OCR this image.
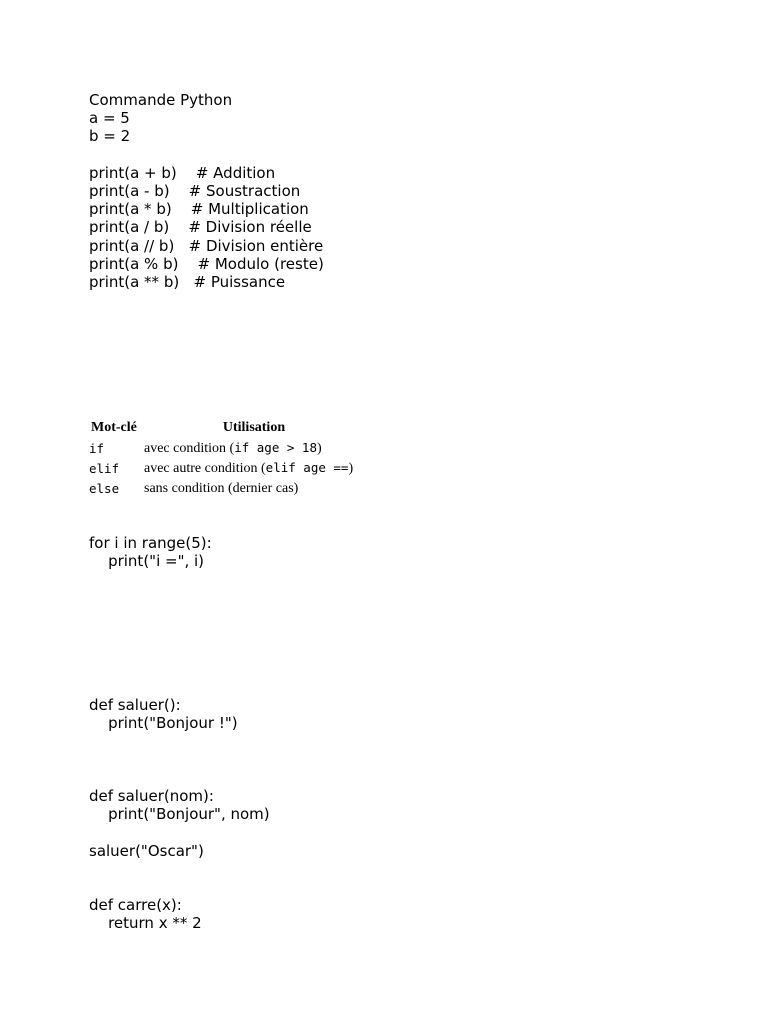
Commande Python
a = 5
b = 2
print(a + b)    # Addition
print(a - b)    # Soustraction
print(a * b)    # Multiplication
print(a / b)    # Division réelle
print(a // b)   # Division entière
print(a % b)    # Modulo (reste)
print(a ** b)   # Puissance
Mot-clé	Utilisation
if	avec condition (if age > 18)
elif	avec autre condition (elif age ==)
else	sans condition (dernier cas)
for i in range(5):
print("i =", i)
def saluer():
print("Bonjour !")
def saluer(nom):
print("Bonjour", nom)
saluer("Oscar")
def carre(x):
return x ** 2
